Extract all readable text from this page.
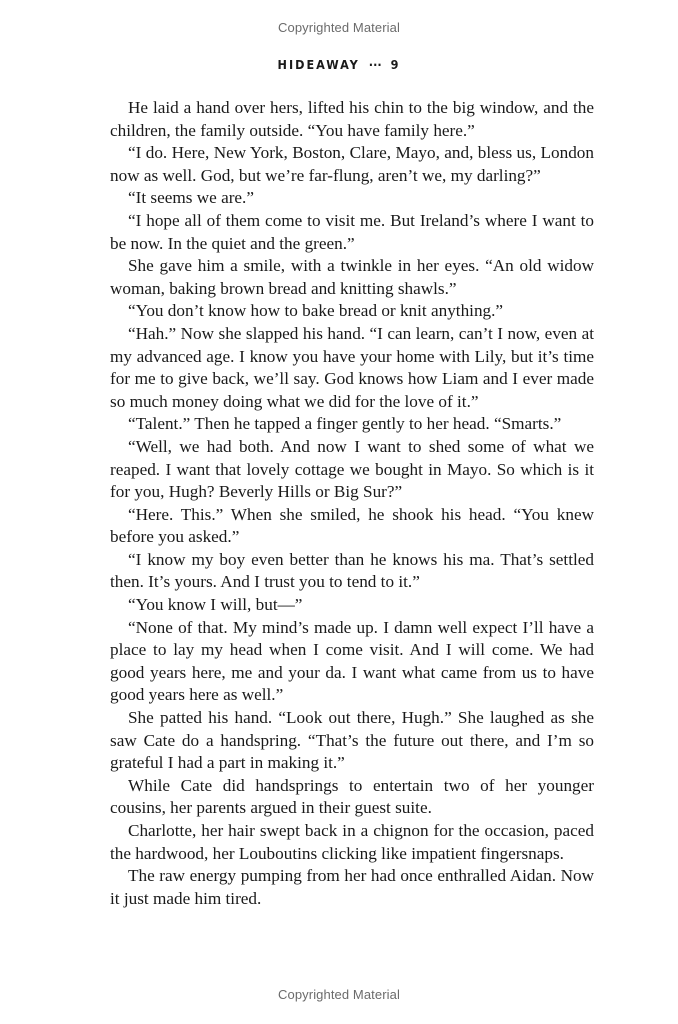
Copyrighted Material
HIDEAWAY ··· 9

He laid a hand over hers, lifted his chin to the big window, and the children, the family outside. “You have family here.”

“I do. Here, New York, Boston, Clare, Mayo, and, bless us, London now as well. God, but we’re far-flung, aren’t we, my darling?”

“It seems we are.”

“I hope all of them come to visit me. But Ireland’s where I want to be now. In the quiet and the green.”

She gave him a smile, with a twinkle in her eyes. “An old widow woman, baking brown bread and knitting shawls.”

“You don’t know how to bake bread or knit anything.”

“Hah.” Now she slapped his hand. “I can learn, can’t I now, even at my advanced age. I know you have your home with Lily, but it’s time for me to give back, we’ll say. God knows how Liam and I ever made so much money doing what we did for the love of it.”

“Talent.” Then he tapped a finger gently to her head. “Smarts.”

“Well, we had both. And now I want to shed some of what we reaped. I want that lovely cottage we bought in Mayo. So which is it for you, Hugh? Beverly Hills or Big Sur?”

“Here. This.” When she smiled, he shook his head. “You knew before you asked.”

“I know my boy even better than he knows his ma. That’s settled then. It’s yours. And I trust you to tend to it.”

“You know I will, but—”

“None of that. My mind’s made up. I damn well expect I’ll have a place to lay my head when I come visit. And I will come. We had good years here, me and your da. I want what came from us to have good years here as well.”

She patted his hand. “Look out there, Hugh.” She laughed as she saw Cate do a handspring. “That’s the future out there, and I’m so grateful I had a part in making it.”

While Cate did handsprings to entertain two of her younger cousins, her parents argued in their guest suite.

Charlotte, her hair swept back in a chignon for the occasion, paced the hardwood, her Louboutins clicking like impatient fingersnaps.

The raw energy pumping from her had once enthralled Aidan. Now it just made him tired.

Copyrighted Material
